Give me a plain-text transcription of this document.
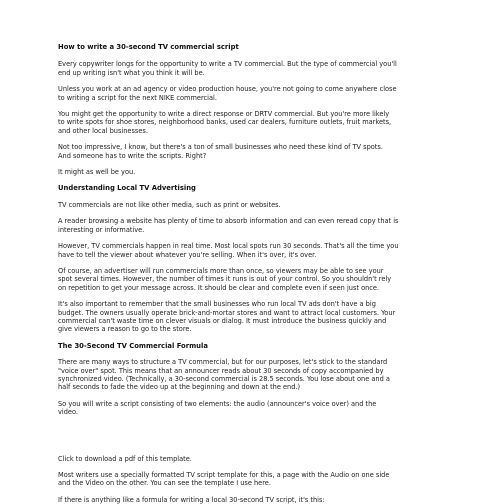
How to write a 30-second TV commercial script

Every copywriter longs for the opportunity to write a TV commercial. But the type of commercial you'll
end up writing isn't what you think it will be.

Unless you work at an ad agency or video production house, you're not going to come anywhere close
to writing a script for the next NIKE commercial.

You might get the opportunity to write a direct response or DRTV commercial. But you're more likely
to write spots for shoe stores, neighborhood banks, used car dealers, furniture outlets, fruit markets,
and other local businesses.

Not too impressive, I know, but there's a ton of small businesses who need these kind of TV spots.
And someone has to write the scripts. Right?

It might as well be you.

Understanding Local TV Advertising

TV commercials are not like other media, such as print or websites.

A reader browsing a website has plenty of time to absorb information and can even reread copy that is
interesting or informative.

However, TV commercials happen in real time. Most local spots run 30 seconds. That's all the time you
have to tell the viewer about whatever you're selling. When it's over, it's over.

Of course, an advertiser will run commercials more than once, so viewers may be able to see your
spot several times. However, the number of times it runs is out of your control. So you shouldn't rely
on repetition to get your message across. It should be clear and complete even if seen just once.

It's also important to remember that the small businesses who run local TV ads don't have a big
budget. The owners usually operate brick-and-mortar stores and want to attract local customers. Your
commercial can't waste time on clever visuals or dialog. It must introduce the business quickly and
give viewers a reason to go to the store.

The 30-Second TV Commercial Formula

There are many ways to structure a TV commercial, but for our purposes, let's stick to the standard
"voice over" spot. This means that an announcer reads about 30 seconds of copy accompanied by
synchronized video. (Technically, a 30-second commercial is 28.5 seconds. You lose about one and a
half seconds to fade the video up at the beginning and down at the end.)

So you will write a script consisting of two elements: the audio (announcer's voice over) and the
video.

Click to download a pdf of this template.

Most writers use a specially formatted TV script template for this, a page with the Audio on one side
and the Video on the other. You can see the template I use here.

If there is anything like a formula for writing a local 30-second TV script, it's this:
